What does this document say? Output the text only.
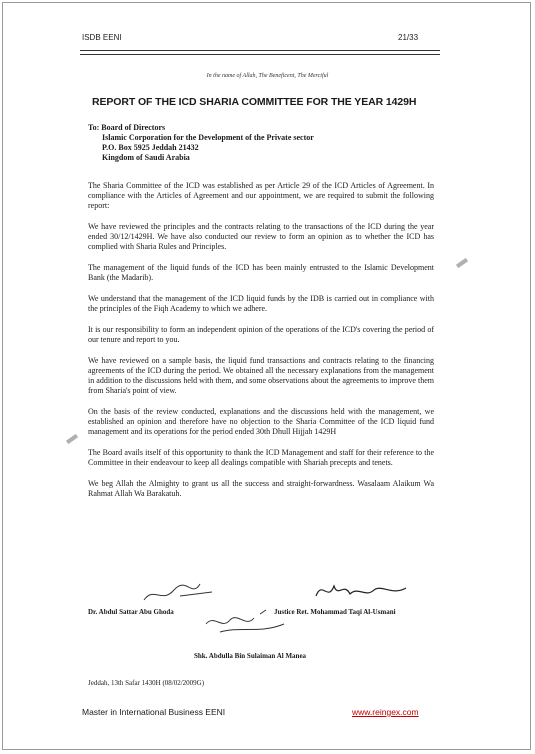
ISDB EENI	21/33
In the name of Allah, The Beneficent, The Merciful
REPORT OF THE ICD SHARIA COMMITTEE FOR THE YEAR 1429H
To: Board of Directors
Islamic Corporation for the Development of the Private sector
P.O. Box 5925 Jeddah 21432
Kingdom of Saudi Arabia

The Sharia Committee of the ICD was established as per Article 29 of the ICD Articles of Agreement. In compliance with the Articles of Agreement and our appointment, we are required to submit the following report:

We have reviewed the principles and the contracts relating to the transactions of the ICD during the year ended 30/12/1429H. We have also conducted our review to form an opinion as to whether the ICD has complied with Sharia Rules and Principles.

The management of the liquid funds of the ICD has been mainly entrusted to the Islamic Development Bank (the Madarib).

We understand that the management of the ICD liquid funds by the IDB is carried out in compliance with the principles of the Fiqh Academy to which we adhere.

It is our responsibility to form an independent opinion of the operations of the ICD's covering the period of our tenure and report to you.

We have reviewed on a sample basis, the liquid fund transactions and contracts relating to the financing agreements of the ICD during the period. We obtained all the necessary explanations from the management in addition to the discussions held with them, and some observations about the agreements to improve them from Sharia's point of view.

On the basis of the review conducted, explanations and the discussions held with the management, we established an opinion and therefore have no objection to the Sharia Committee of the ICD liquid fund management and its operations for the period ended 30th Dhull Hijjah 1429H

The Board avails itself of this opportunity to thank the ICD Management and staff for their reference to the Committee in their endeavour to keep all dealings compatible with Shariah precepts and tenets.

We beg Allah the Almighty to grant us all the success and straight-forwardness. Wasalaam Alaikum Wa Rahmat Allah Wa Barakatuh.

Dr. Abdul Sattar Abu Ghoda	Justice Ret. Mohammad Taqi Al-Usmani
Shk. Abdulla Bin Sulaiman Al Manea
Jeddah, 13th Safar 1430H (08/02/2009G)
Master in International Business EENI	www.reingex.com
